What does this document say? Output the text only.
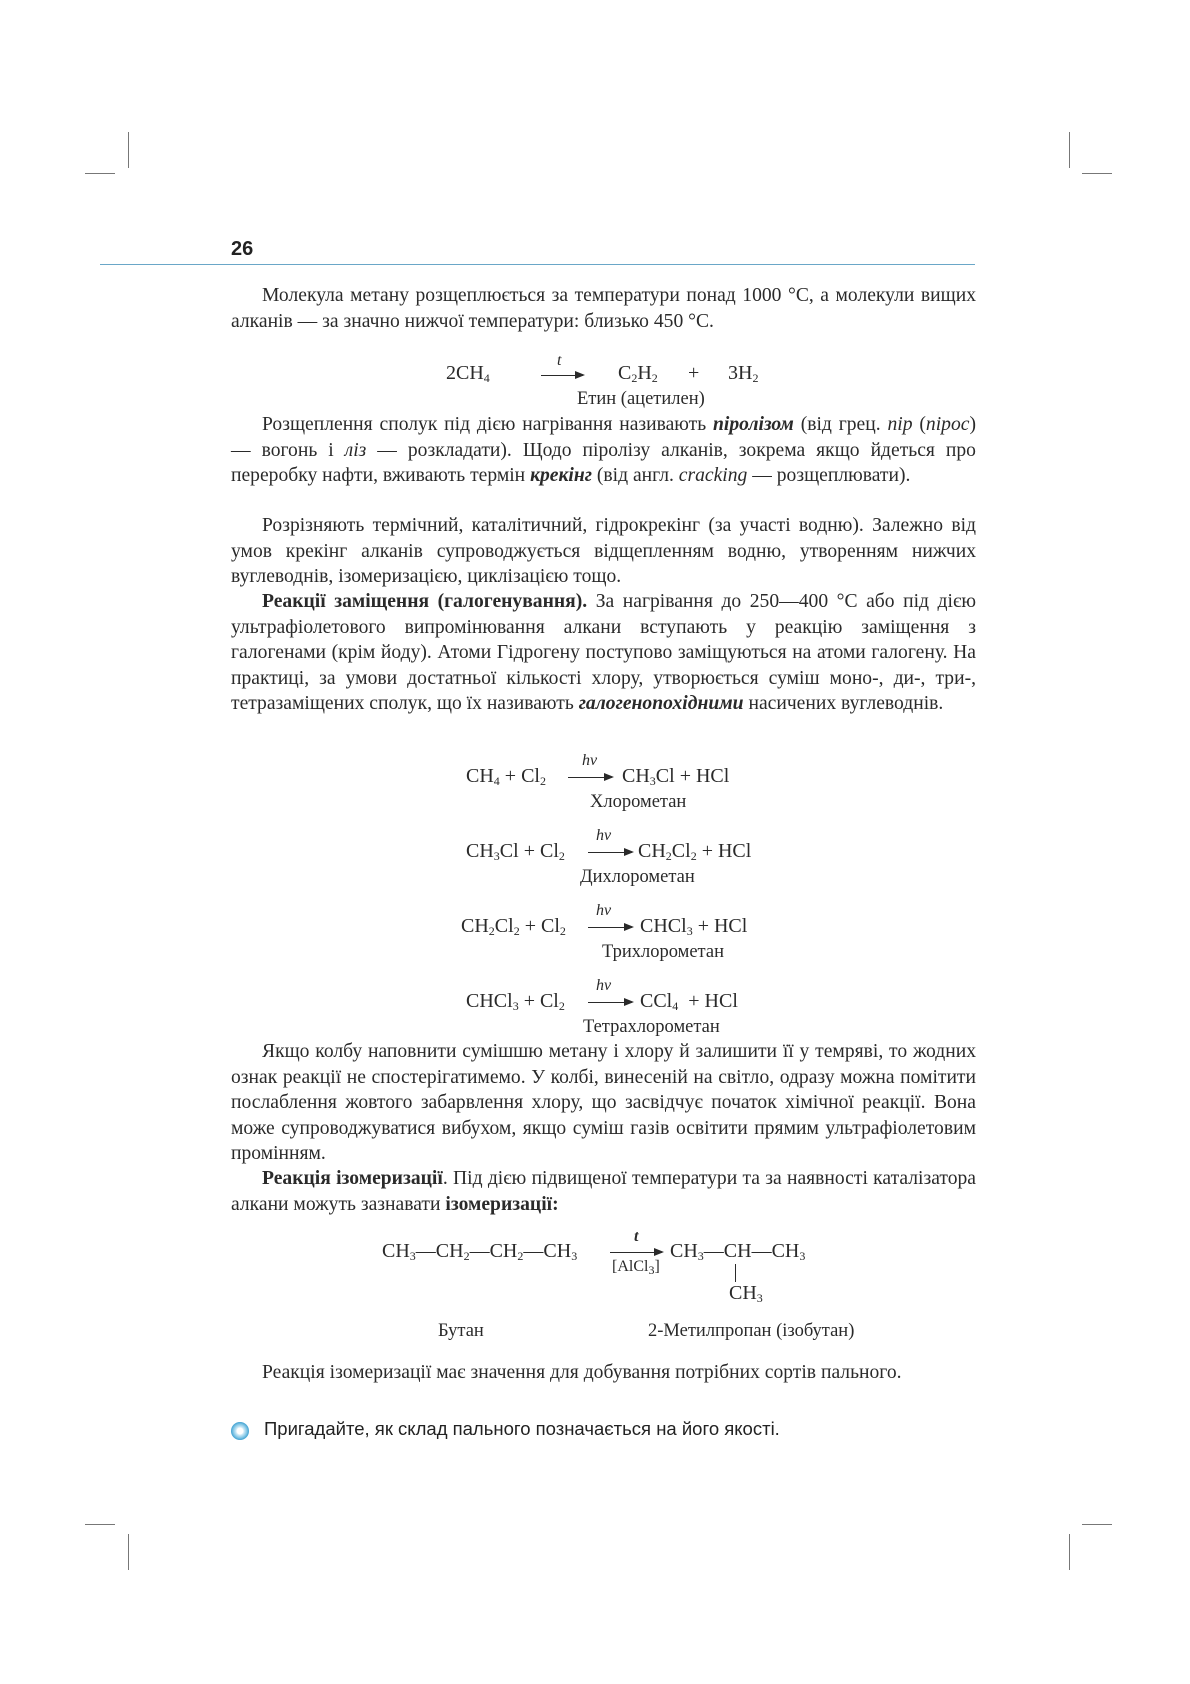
26

Молекула метану розщеплюється за температури понад 1000 °C, а молекули вищих алканів — за значно нижчої температури: близько 450 °C.

$2CH_4$
t
$C_2H_2 + 3H_2$
Етин (ацетилен)

Розщеплення сполук під дією нагрівання називають піролізом (від грец. пір (пірос) — вогонь і ліз — розкладати). Щодо піролізу алканів, зокрема якщо йдеться про переробку нафти, вживають термін крекінг (від англ. cracking — розщеплювати).

Розрізняють термічний, каталітичний, гідрокрекінг (за участі водню). Залежно від умов крекінг алканів супроводжується відщепленням водню, утворенням нижчих вуглеводнів, ізомеризацією, циклізацією тощо.

Реакції заміщення (галогенування). За нагрівання до 250—400 °C або під дією ультрафіолетового випромінювання алкани вступають у реакцію заміщення з галогенами (крім йоду). Атоми Гідрогену поступово заміщуються на атоми галогену. На практиці, за умови достатньої кількості хлору, утворюється суміш моно-, ди-, три-, тетразаміщених сполук, що їх називають галогенопохідними насичених вуглеводнів.

$CH_4 + Cl_2$
hν
$CH_3Cl$ + HCl
Хлорометан
$CH_3Cl + Cl_2$
hν
$CH_2Cl_2$ + HCl
Дихлорометан
$CH_2Cl_2 + Cl_2$
hν
CHCl$_3$ + HCl
Трихлорометан
CHCl$_3$ + $Cl_2$
hν
CCl$_4$  + HCl
Тетрахлорометан

Якщо колбу наповнити сумішшю метану і хлору й залишити її у темряві, то жодних ознак реакції не спостерігатимемо. У колбі, винесеній на світло, одразу можна помітити послаблення жовтого забарвлення хлору, що засвідчує початок хімічної реакції. Вона може супроводжуватися вибухом, якщо суміш газів освітити прямим ультрафіолетовим промінням.

Реакція ізомеризації. Під дією підвищеної температури та за наявності каталізатора алкани можуть зазнавати ізомеризації:

$CH_3—CH_2—CH_2—CH_3$
t
[AlCl$_3$]
$CH_3—CH—CH_3$
$CH_3$
Бутан	2-Метилпропан (ізобутан)

Реакція ізомеризації має значення для добування потрібних сортів пального.

Пригадайте, як склад пального позначається на його якості.
